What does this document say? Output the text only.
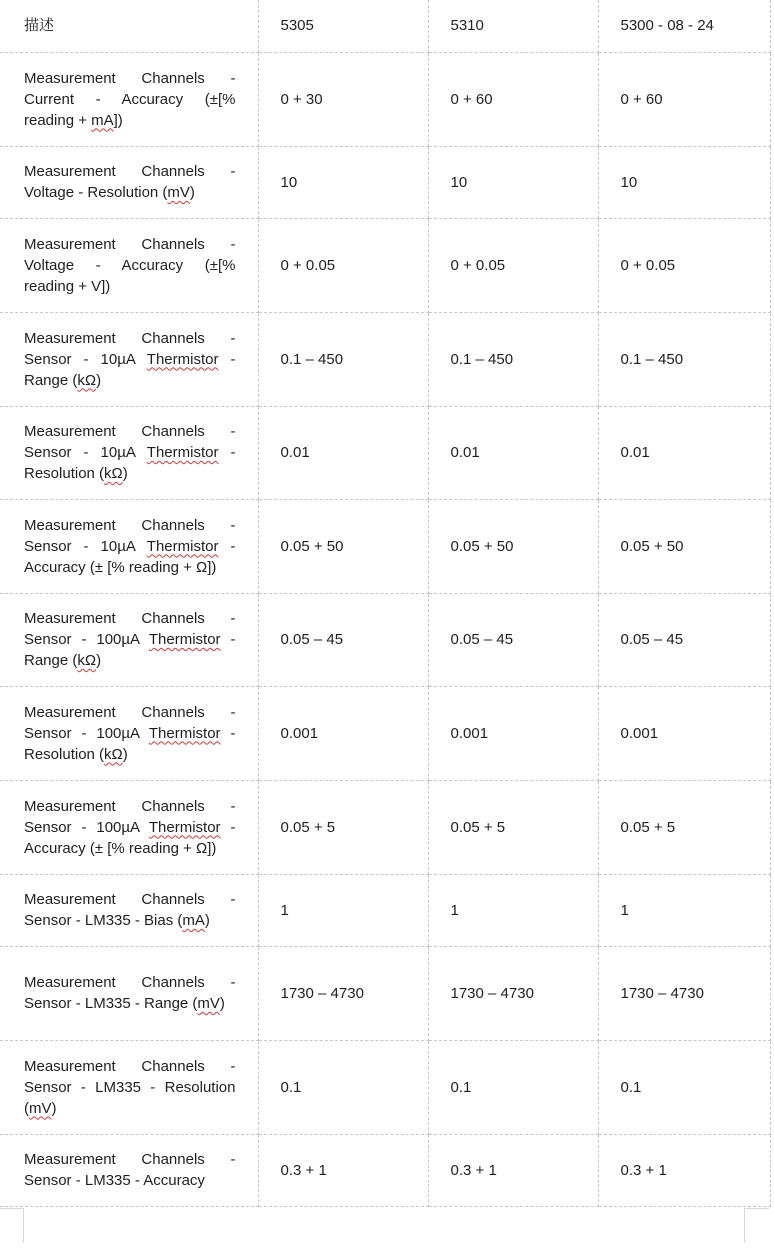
描述	5305	5310	5300 - 08 - 24
Measurement Channels - Current - Accuracy (±[% reading + mA])	0 + 30	0 + 60	0 + 60
Measurement Channels - Voltage - Resolution (mV)	10	10	10
Measurement Channels - Voltage - Accuracy (±[% reading + V])	0 + 0.05	0 + 0.05	0 + 0.05
Measurement Channels - Sensor - 10µA Thermistor - Range (kΩ)	0.1 – 450	0.1 – 450	0.1 – 450
Measurement Channels - Sensor - 10µA Thermistor - Resolution (kΩ)	0.01	0.01	0.01
Measurement Channels - Sensor - 10µA Thermistor - Accuracy (± [% reading + Ω])	0.05 + 50	0.05 + 50	0.05 + 50
Measurement Channels - Sensor - 100µA Thermistor - Range (kΩ)	0.05 – 45	0.05 – 45	0.05 – 45
Measurement Channels - Sensor - 100µA Thermistor - Resolution (kΩ)	0.001	0.001	0.001
Measurement Channels - Sensor - 100µA Thermistor - Accuracy (± [% reading + Ω])	0.05 + 5	0.05 + 5	0.05 + 5
Measurement Channels - Sensor - LM335 - Bias (mA)	1	1	1
Measurement Channels - Sensor - LM335 - Range (mV)	1730 – 4730	1730 – 4730	1730 – 4730
Measurement Channels - Sensor - LM335 - Resolution (mV)	0.1	0.1	0.1
Measurement Channels - Sensor - LM335 - Accuracy	0.3 + 1	0.3 + 1	0.3 + 1
